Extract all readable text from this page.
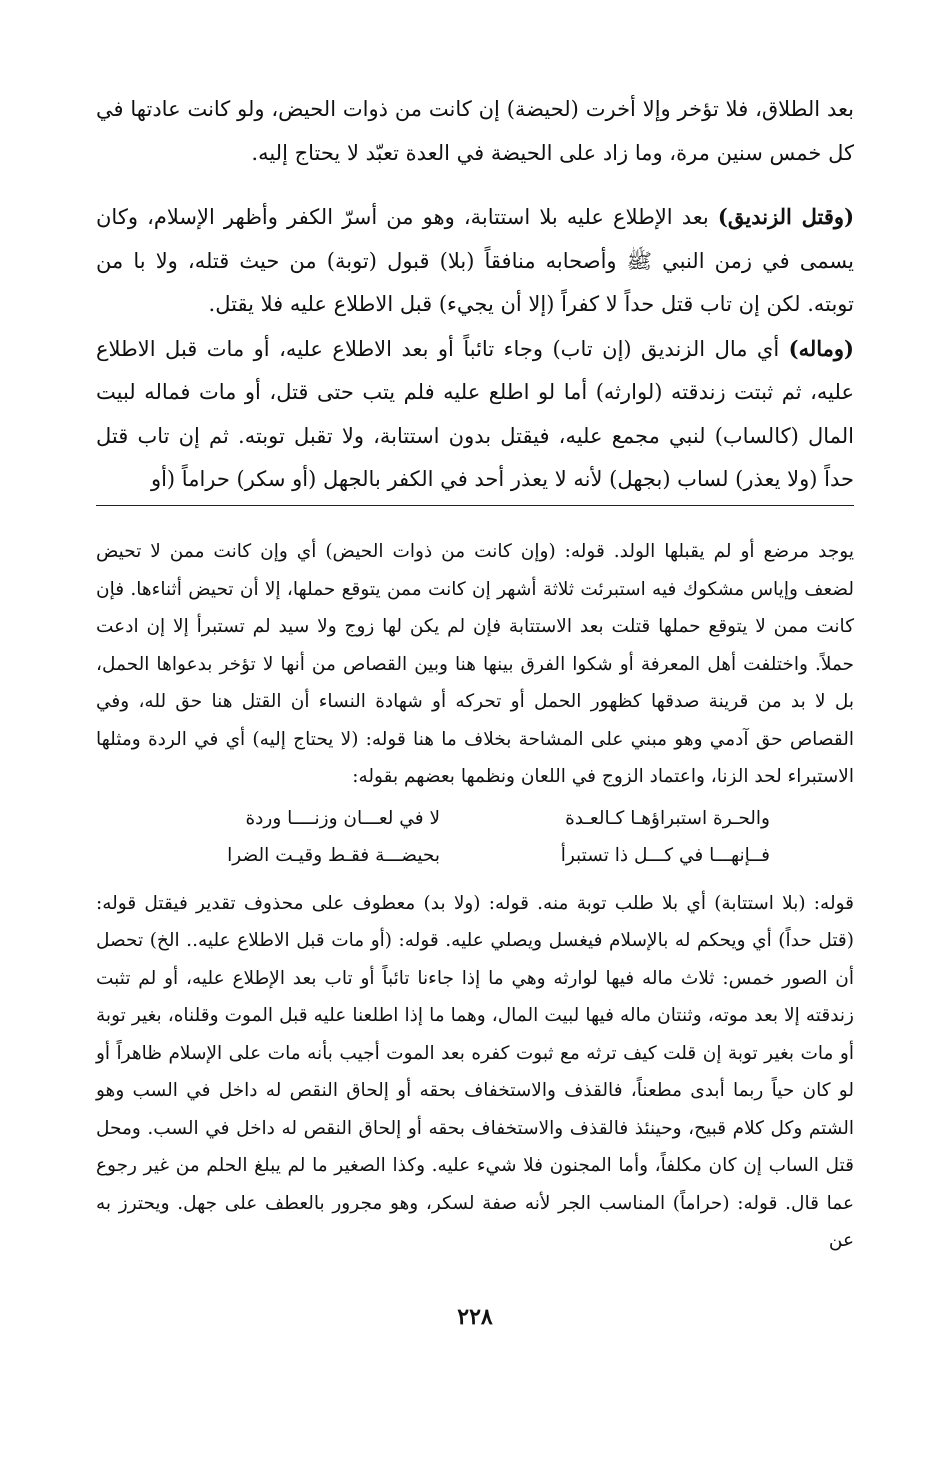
بعد الطلاق، فلا تؤخر وإلا أخرت (لحيضة) إن كانت من ذوات الحيض، ولو كانت عادتها في كل خمس سنين مرة، وما زاد على الحيضة في العدة تعبّد لا يحتاج إليه.

(وقتل الزنديق) بعد الإطلاع عليه بلا استتابة، وهو من أسرّ الكفر وأظهر الإسلام، وكان يسمى في زمن النبي ﷺ وأصحابه منافقاً (بلا) قبول (توبة) من حيث قتله، ولا با من توبته. لكن إن تاب قتل حداً لا كفراً (إلا أن يجيء) قبل الاطلاع عليه فلا يقتل.

(وماله) أي مال الزنديق (إن تاب) وجاء تائباً أو بعد الاطلاع عليه، أو مات قبل الاطلاع عليه، ثم ثبتت زندقته (لوارثه) أما لو اطلع عليه فلم يتب حتى قتل، أو مات فماله لبيت المال (كالساب) لنبي مجمع عليه، فيقتل بدون استتابة، ولا تقبل توبته. ثم إن تاب قتل حداً (ولا يعذر) لساب (بجهل) لأنه لا يعذر أحد في الكفر بالجهل (أو سكر) حراماً (أو

يوجد مرضع أو لم يقبلها الولد. قوله: (وإن كانت من ذوات الحيض) أي وإن كانت ممن لا تحيض لضعف وإياس مشكوك فيه استبرئت ثلاثة أشهر إن كانت ممن يتوقع حملها، إلا أن تحيض أثناءها. فإن كانت ممن لا يتوقع حملها قتلت بعد الاستتابة فإن لم يكن لها زوج ولا سيد لم تستبرأ إلا إن ادعت حملاً. واختلفت أهل المعرفة أو شكوا الفرق بينها هنا وبين القصاص من أنها لا تؤخر بدعواها الحمل، بل لا بد من قرينة صدقها كظهور الحمل أو تحركه أو شهادة النساء أن القتل هنا حق لله، وفي القصاص حق آدمي وهو مبني على المشاحة بخلاف ما هنا قوله: (لا يحتاج إليه) أي في الردة ومثلها الاستبراء لحد الزنا، واعتماد الزوج في اللعان ونظمها بعضهم بقوله:

والحـرة استبراؤهـا كـالعـدة
لا في لعـــان وزنــــا وردة
فــإنهـــا في كـــل ذا تستبرأ
بحيضـــة فقـط وقيـت الضرا

قوله: (بلا استتابة) أي بلا طلب توبة منه. قوله: (ولا بد) معطوف على محذوف تقدير فيقتل قوله: (قتل حداً) أي ويحكم له بالإسلام فيغسل ويصلي عليه. قوله: (أو مات قبل الاطلاع عليه.. الخ) تحصل أن الصور خمس: ثلاث ماله فيها لوارثه وهي ما إذا جاءنا تائباً أو تاب بعد الإطلاع عليه، أو لم تثبت زندقته إلا بعد موته، وثنتان ماله فيها لبيت المال، وهما ما إذا اطلعنا عليه قبل الموت وقلناه، بغير توبة أو مات بغير توبة إن قلت كيف ترثه مع ثبوت كفره بعد الموت أجيب بأنه مات على الإسلام ظاهراً أو لو كان حياً ربما أبدى مطعناً، فالقذف والاستخفاف بحقه أو إلحاق النقص له داخل في السب وهو الشتم وكل كلام قبيح، وحينئذ فالقذف والاستخفاف بحقه أو إلحاق النقص له داخل في السب. ومحل قتل الساب إن كان مكلفاً، وأما المجنون فلا شيء عليه. وكذا الصغير ما لم يبلغ الحلم من غير رجوع عما قال. قوله: (حراماً) المناسب الجر لأنه صفة لسكر، وهو مجرور بالعطف على جهل. ويحترز به عن

٢٢٨
